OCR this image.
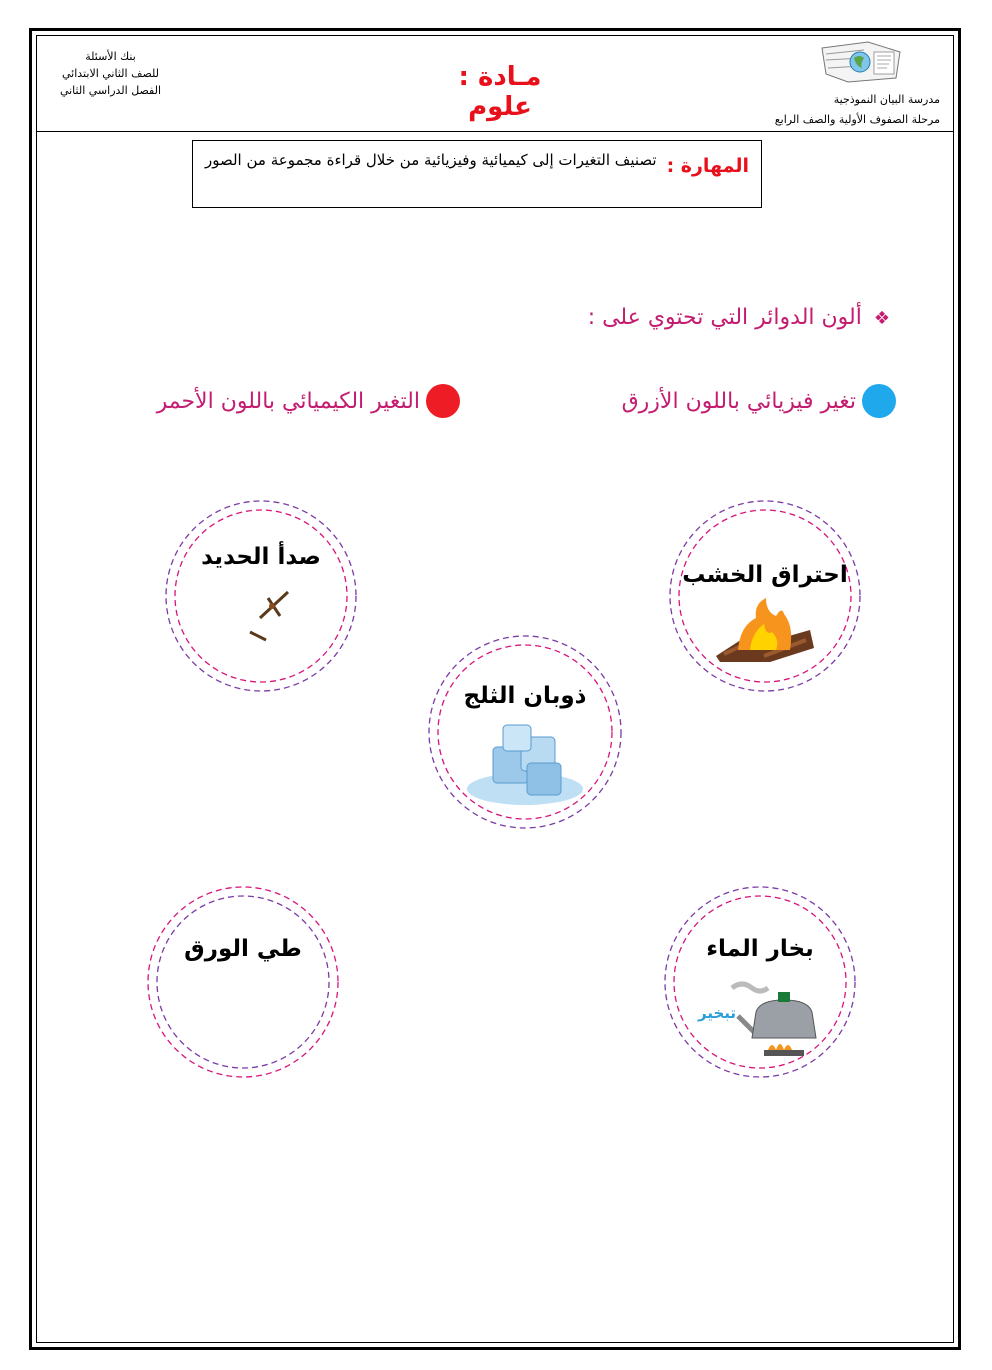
بنك الأسئلة
للصف الثاني الابتدائي
الفصل الدراسي الثاني	مـادة : علوم	مدرسة البيان النموذجية
مرحلة الصفوف الأولية والصف الرابع
المهارة :
تصنيف التغيرات إلى كيميائية وفيزيائية من خلال قراءة مجموعة من الصور
❖ألون الدوائر التي تحتوي على :
تغير فيزيائي باللون الأزرق
التغير الكيميائي باللون الأحمر
احتراق الخشب
صدأ الحديد
ذوبان الثلج
بخار الماء
تبخير
طي الورق
